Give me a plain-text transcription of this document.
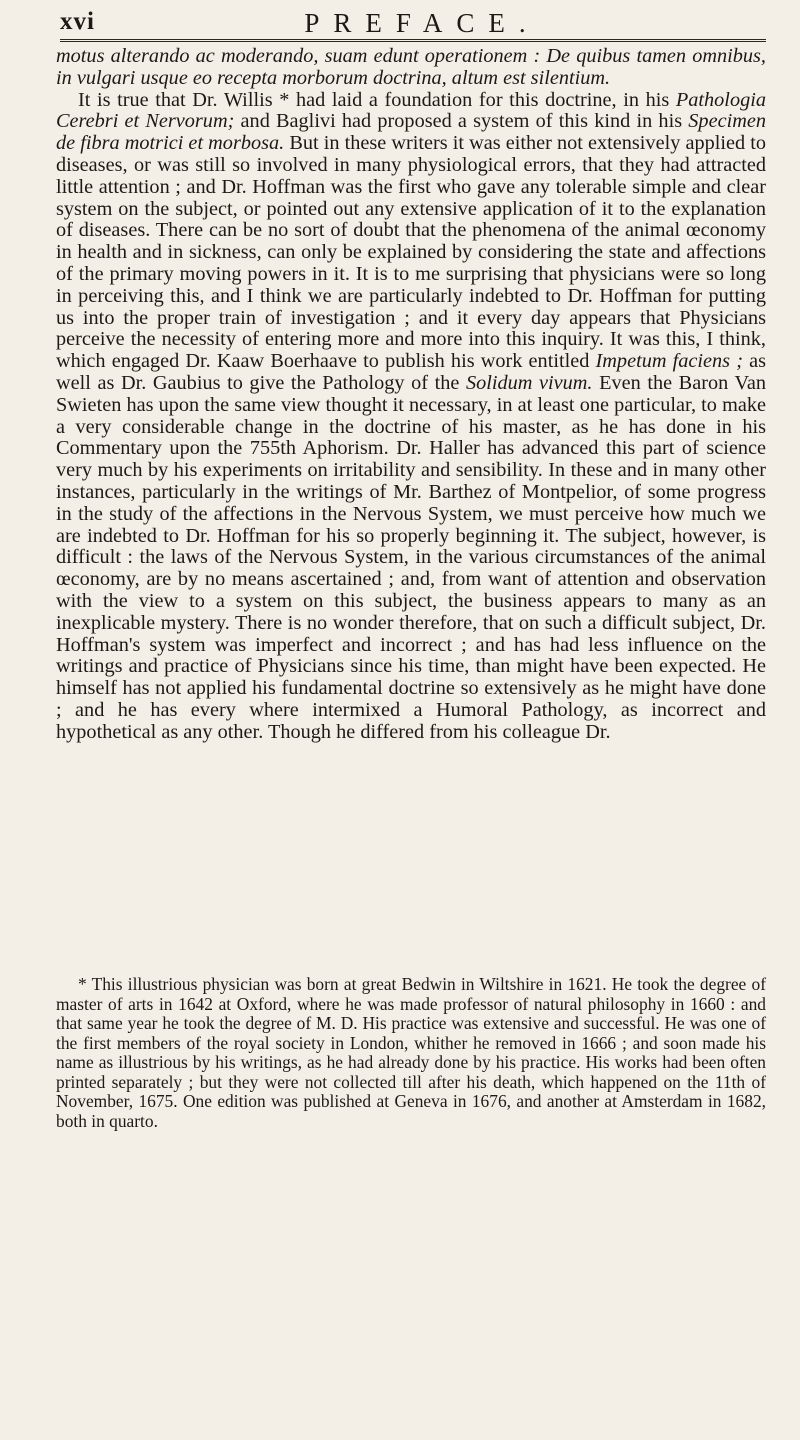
xvi	PREFACE.

motus alterando ac moderando, suam edunt operationem : De quibus tamen omnibus, in vulgari usque eo recepta morborum doctrina, altum est silentium.

It is true that Dr. Willis * had laid a foundation for this doctrine, in his Pathologia Cerebri et Nervorum; and Baglivi had proposed a system of this kind in his Specimen de fibra motrici et morbosa. But in these writers it was either not extensively applied to diseases, or was still so involved in many physiological errors, that they had attracted little attention ; and Dr. Hoffman was the first who gave any tolerable simple and clear system on the subject, or pointed out any extensive application of it to the explanation of diseases. There can be no sort of doubt that the phenomena of the animal œconomy in health and in sickness, can only be explained by considering the state and affections of the primary moving powers in it. It is to me surprising that physicians were so long in perceiving this, and I think we are particularly indebted to Dr. Hoffman for putting us into the proper train of investigation ; and it every day appears that Physicians perceive the necessity of entering more and more into this inquiry. It was this, I think, which engaged Dr. Kaaw Boerhaave to publish his work entitled Impetum faciens ; as well as Dr. Gaubius to give the Pathology of the Solidum vivum. Even the Baron Van Swieten has upon the same view thought it necessary, in at least one particular, to make a very considerable change in the doctrine of his master, as he has done in his Commentary upon the 755th Aphorism. Dr. Haller has advanced this part of science very much by his experiments on irritability and sensibility. In these and in many other instances, particularly in the writings of Mr. Barthez of Montpelior, of some progress in the study of the affections in the Nervous System, we must perceive how much we are indebted to Dr. Hoffman for his so properly beginning it. The subject, however, is difficult : the laws of the Nervous System, in the various circumstances of the animal œconomy, are by no means ascertained ; and, from want of attention and observation with the view to a system on this subject, the business appears to many as an inexplicable mystery. There is no wonder therefore, that on such a difficult subject, Dr. Hoffman's system was imperfect and incorrect ; and has had less influence on the writings and practice of Physicians since his time, than might have been expected. He himself has not applied his fundamental doctrine so extensively as he might have done ; and he has every where intermixed a Humoral Pathology, as incorrect and hypothetical as any other. Though he differed from his colleague Dr.

* This illustrious physician was born at great Bedwin in Wiltshire in 1621. He took the degree of master of arts in 1642 at Oxford, where he was made professor of natural philosophy in 1660 : and that same year he took the degree of M. D. His practice was extensive and successful. He was one of the first members of the royal society in London, whither he removed in 1666 ; and soon made his name as illustrious by his writings, as he had already done by his practice. His works had been often printed separately ; but they were not collected till after his death, which happened on the 11th of November, 1675. One edition was published at Geneva in 1676, and another at Amsterdam in 1682, both in quarto.
